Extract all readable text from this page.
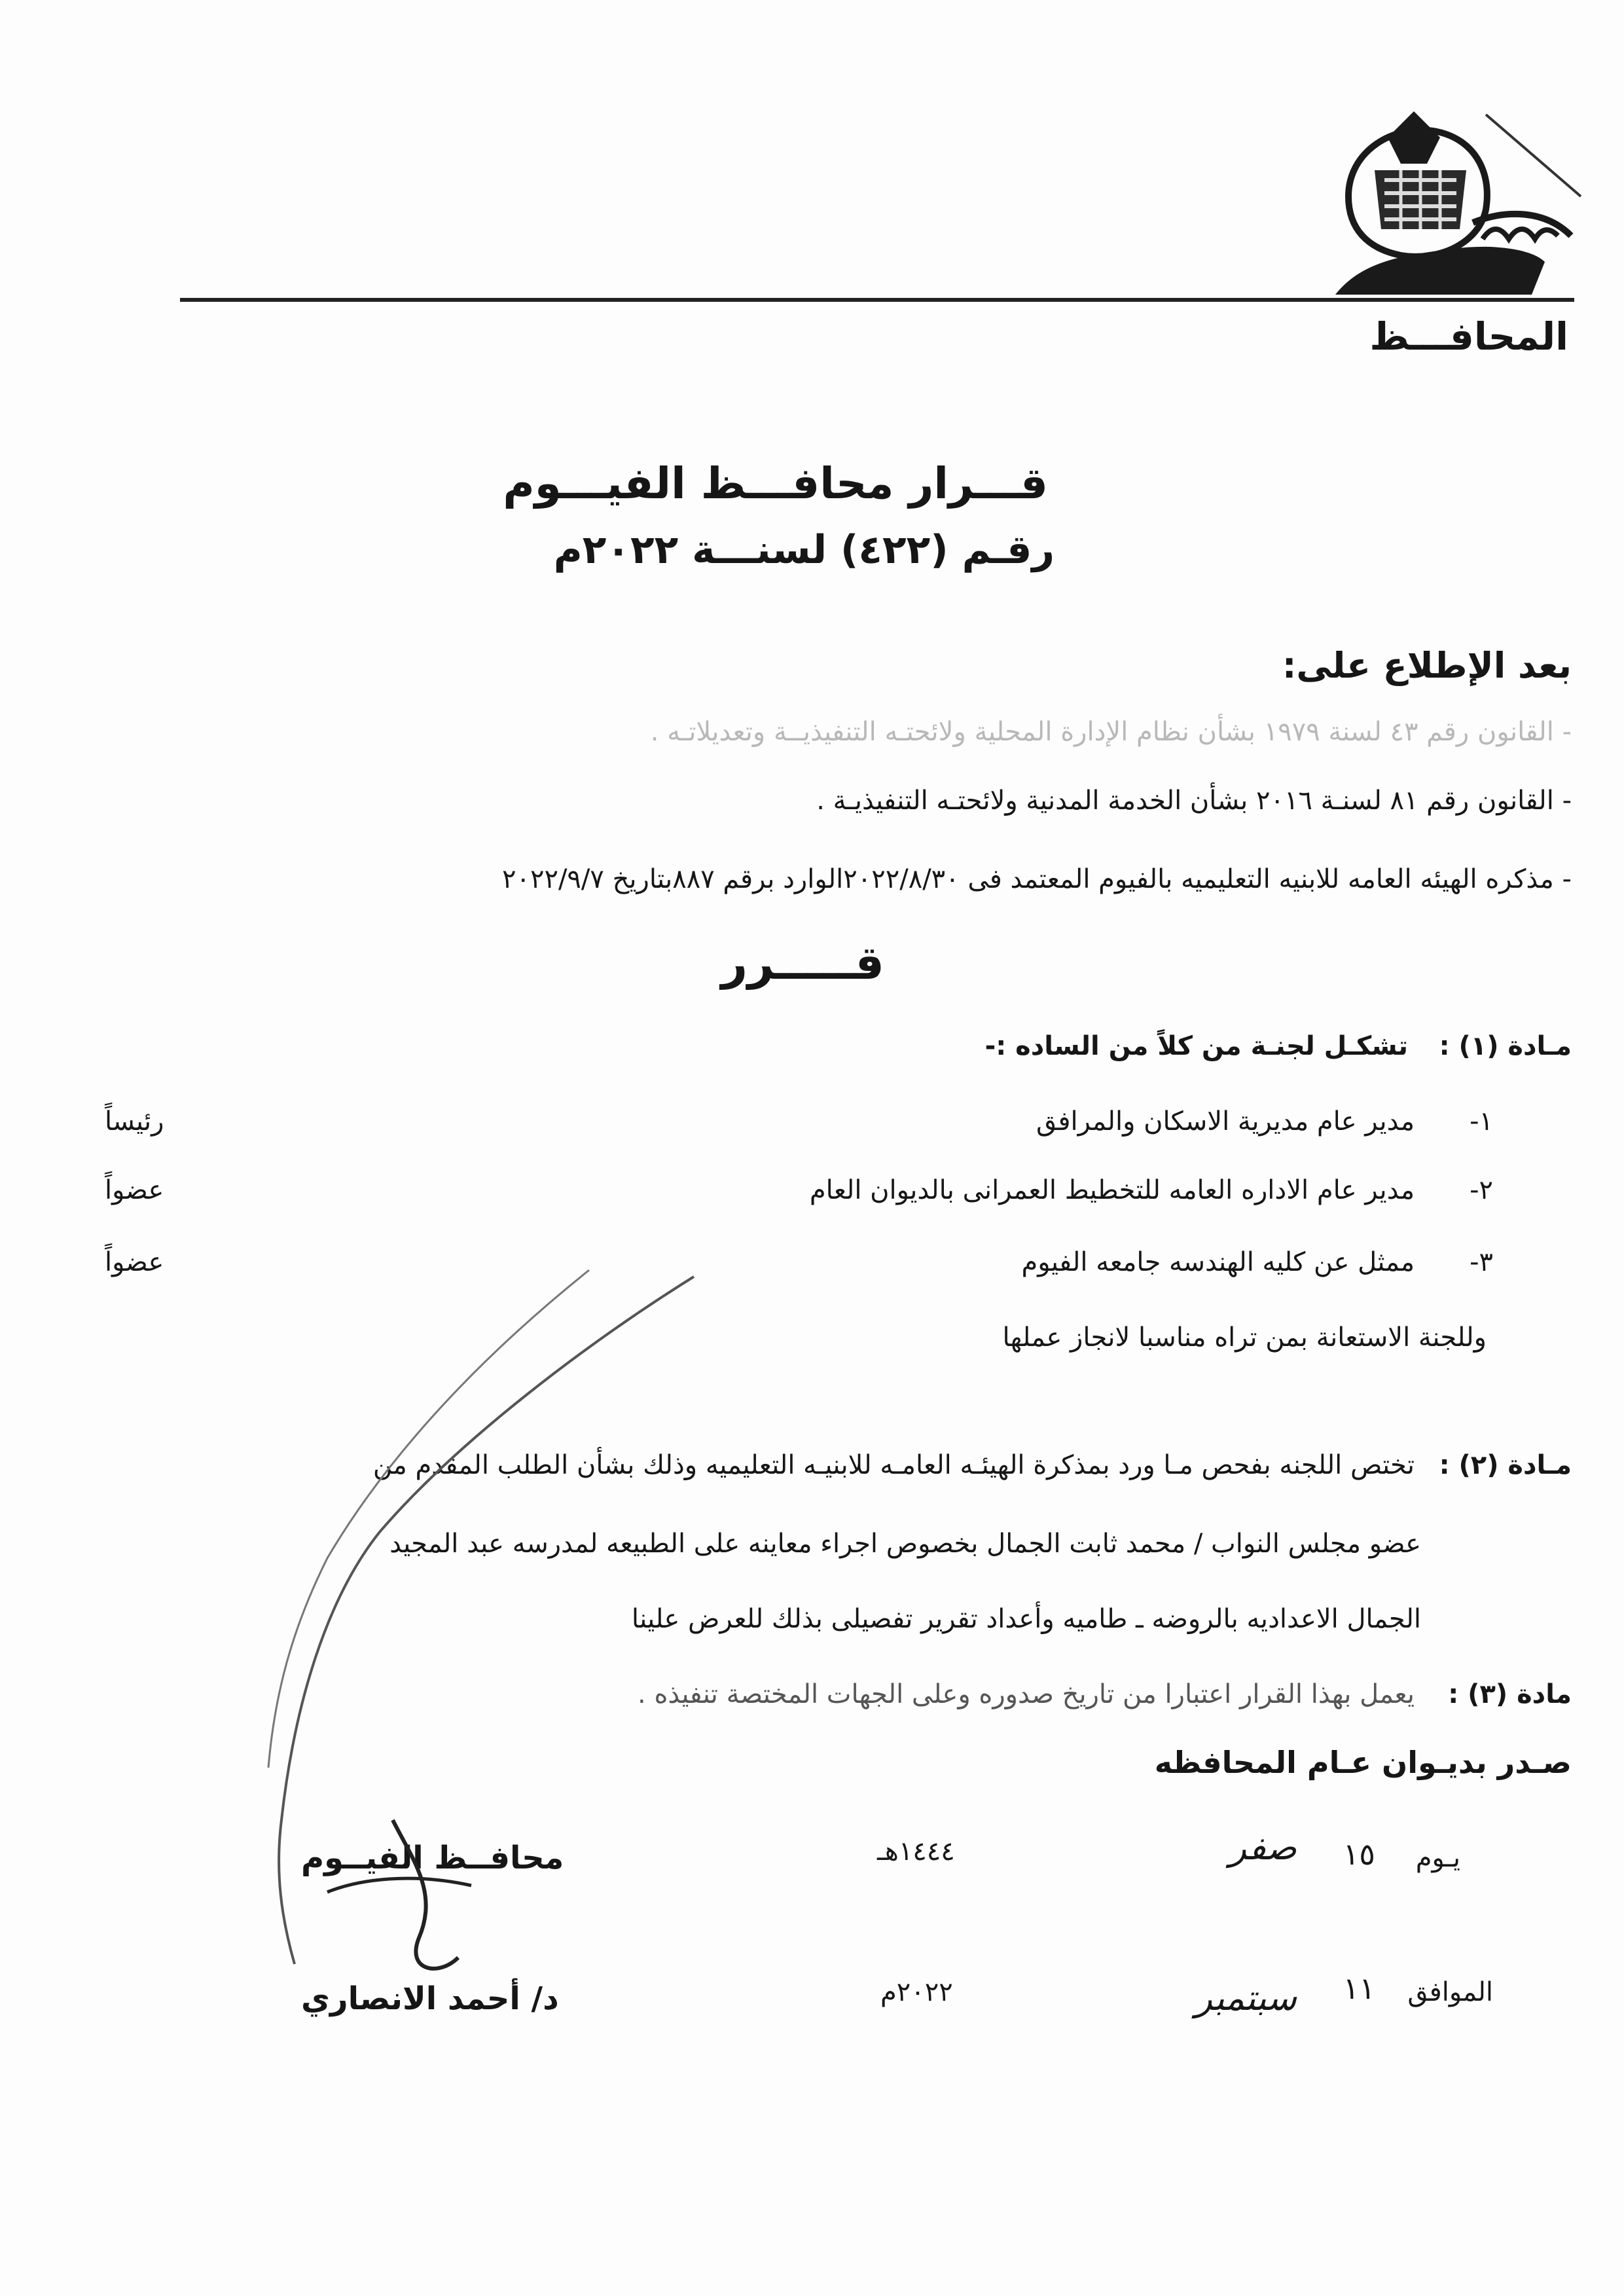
المحافـــظ
قـــرار محافـــظ الفيـــوم
رقـم (٤٢٢) لسنـــة ٢٠٢٢م
بعد الإطلاع على:
- القانون رقم ٤٣ لسنة ١٩٧٩ بشأن نظام الإدارة المحلية ولائحتـه التنفيذيــة وتعديلاتـه .
- القانون رقم ٨١ لسنـة ٢٠١٦ بشأن الخدمة المدنية ولائحتـه التنفيذيـة .
- مذكره الهيئه العامه للابنيه التعليميه بالفيوم المعتمد فى ٢٠٢٢/٨/٣٠الوارد برقم ٨٨٧بتاريخ ٢٠٢٢/٩/٧
قـــــرر
مـادة (١) :
تشكـل لجنـة من كلاً من الساده :-
١-
مدير عام مديرية الاسكان والمرافق
رئيساً
٢-
مدير عام الاداره العامه للتخطيط العمرانى بالديوان العام
عضواً
٣-
ممثل عن كليه الهندسه جامعه الفيوم
عضواً
وللجنة الاستعانة بمن تراه مناسبا لانجاز عملها
مـادة (٢) :
تختص اللجنه بفحص مـا ورد بمذكرة الهيئـه العامـه للابنيـه التعليميه وذلك بشأن الطلب المقدم من
عضو مجلس النواب / محمد ثابت الجمال بخصوص اجراء معاينه على الطبيعه لمدرسه عبد المجيد
الجمال الاعداديه بالروضه ـ طاميه وأعداد تقرير تفصيلى بذلك للعرض علينا
مادة (٣) :
يعمل بهذا القرار اعتبارا من تاريخ صدوره وعلى الجهات المختصة تنفيذه .
صـدر بديـوان عـام المحافظه
يـوم
١٥
صفر
١٤٤٤هـ
الموافق
١١
سبتمبر
٢٠٢٢م
محافــظ الفيــوم
د/ أحمد الانصاري
